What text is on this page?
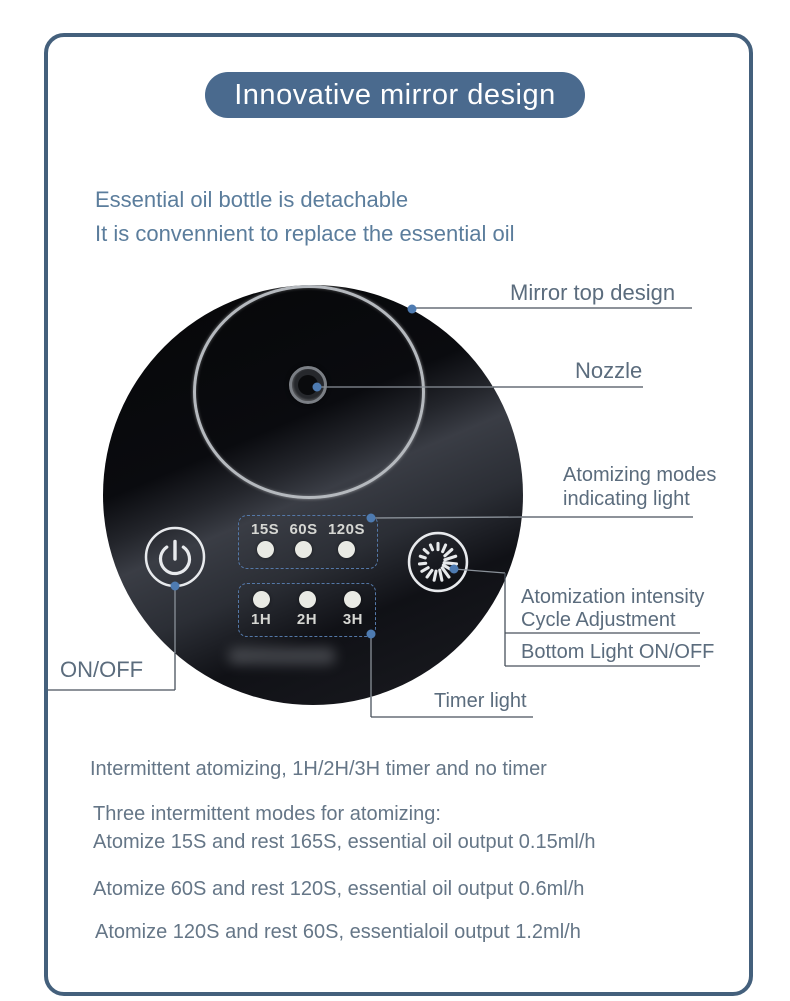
Innovative mirror design
Essential oil bottle is detachable
It is convennient to replace the essential oil
15S 60S 120S
1H 2H 3H
Mirror top design
Nozzle
Atomizing modes
indicating light
Atomization intensity
Cycle Adjustment
Bottom Light ON/OFF
ON/OFF
Timer light
Intermittent atomizing, 1H/2H/3H timer and no timer
Three intermittent modes for atomizing:
Atomize 15S and rest 165S, essential oil output 0.15ml/h
Atomize 60S and rest 120S, essential oil output 0.6ml/h
Atomize 120S and rest 60S, essentialoil output 1.2ml/h
